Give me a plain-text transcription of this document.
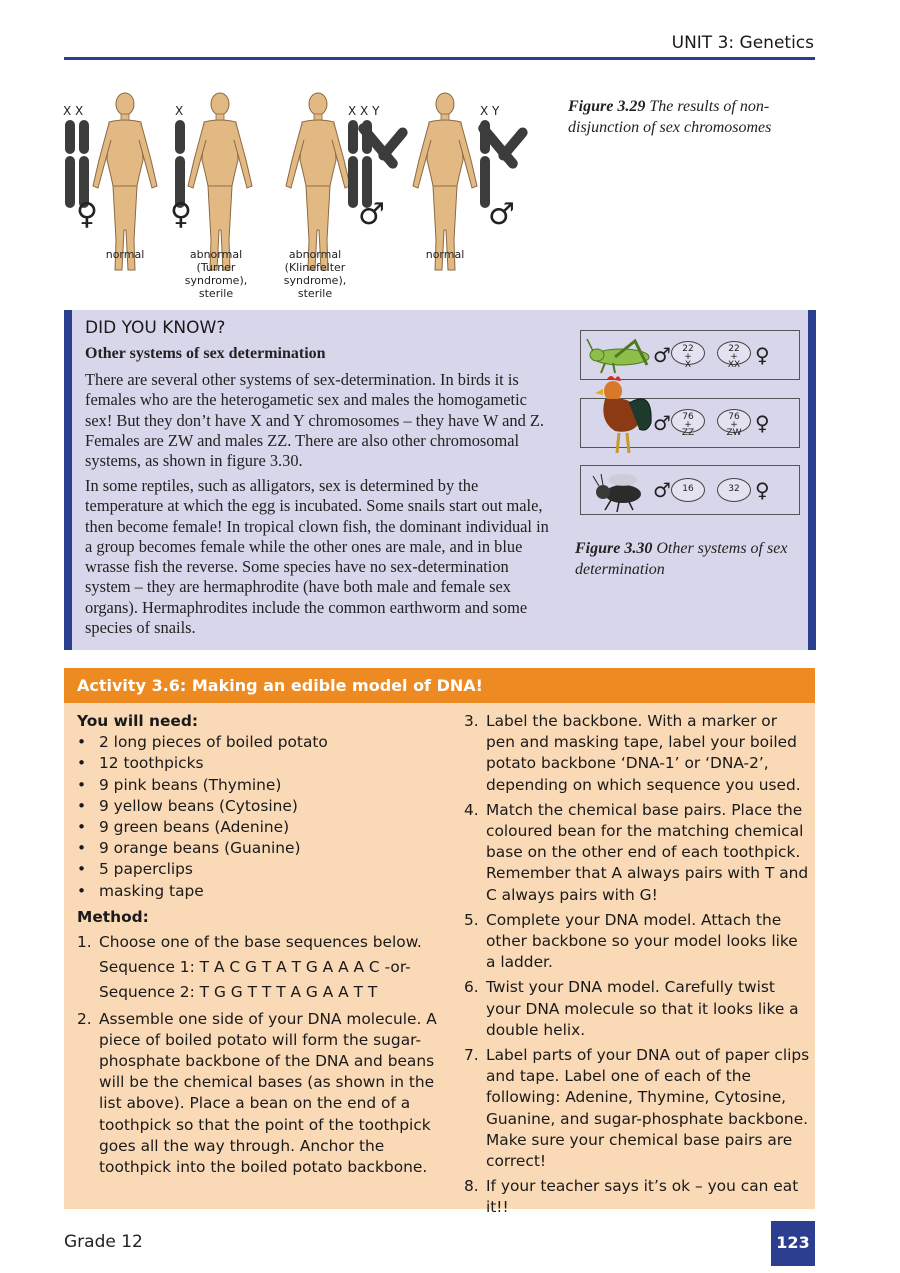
UNIT 3: Genetics
♀ ♀	♂	♂
X X	X	X X Y	X Y
normal	abnormal (Turner syndrome), sterile
abnormal (Klinefelter syndrome), sterile
normal
Figure 3.29 The results of non-disjunction of sex chromosomes
DID YOU KNOW?
Other systems of sex determination
There are several other systems of sex-determination. In birds it is females who are the heterogametic sex and males the homogametic sex! But they don’t have X and Y chromosomes – they have W and Z. Females are ZW and males ZZ. There are also other chromosomal systems, as shown in figure 3.30.
In some reptiles, such as alligators, sex is determined by the temperature at which the egg is incubated. Some snails start out male, then become female! In tropical clown fish, the dominant individual in a group becomes female while the other ones are male, and in blue wrasse fish the reverse. Some species have no sex-determination system – they are hermaphrodite (have both male and female sex organs). Hermaphrodites include the common earthworm and some species of snails.
♂	22
+
X
22
+
XX ♀
♂	76
+
ZZ
76
+
ZW ♀
♂	16	32 ♀
Figure 3.30 Other systems of sex determination
Activity 3.6: Making an edible model of DNA!
You will need:
• 2 long pieces of boiled potato
• 12 toothpicks
• 9 pink beans (Thymine)
• 9 yellow beans (Cytosine)
• 9 green beans (Adenine)
• 9 orange beans (Guanine)
• 5 paperclips
• masking tape
Method:
1. Choose one of the base sequences below.
Sequence 1: T A C G T A T G A A A C -or-
Sequence 2: T G G T T T A G A A T T
2. Assemble one side of your DNA molecule. A piece of boiled potato will form the sugar-phosphate backbone of the DNA and beans will be the chemical bases (as shown in the list above). Place a bean on the end of a toothpick so that the point of the toothpick goes all the way through. Anchor the toothpick into the boiled potato backbone.
3. Label the backbone. With a marker or pen and masking tape, label your boiled potato backbone ‘DNA-1’ or ‘DNA-2’, depending on which sequence you used.
4. Match the chemical base pairs. Place the coloured bean for the matching chemical base on the other end of each toothpick. Remember that A always pairs with T and C always pairs with G!
5. Complete your DNA model. Attach the other backbone so your model looks like a ladder.
6. Twist your DNA model. Carefully twist your DNA molecule so that it looks like a double helix.
7. Label parts of your DNA out of paper clips and tape. Label one of each of the following: Adenine, Thymine, Cytosine, Guanine, and sugar-phosphate backbone. Make sure your chemical base pairs are correct!
8. If your teacher says it’s ok – you can eat it!!
Grade 12	123
